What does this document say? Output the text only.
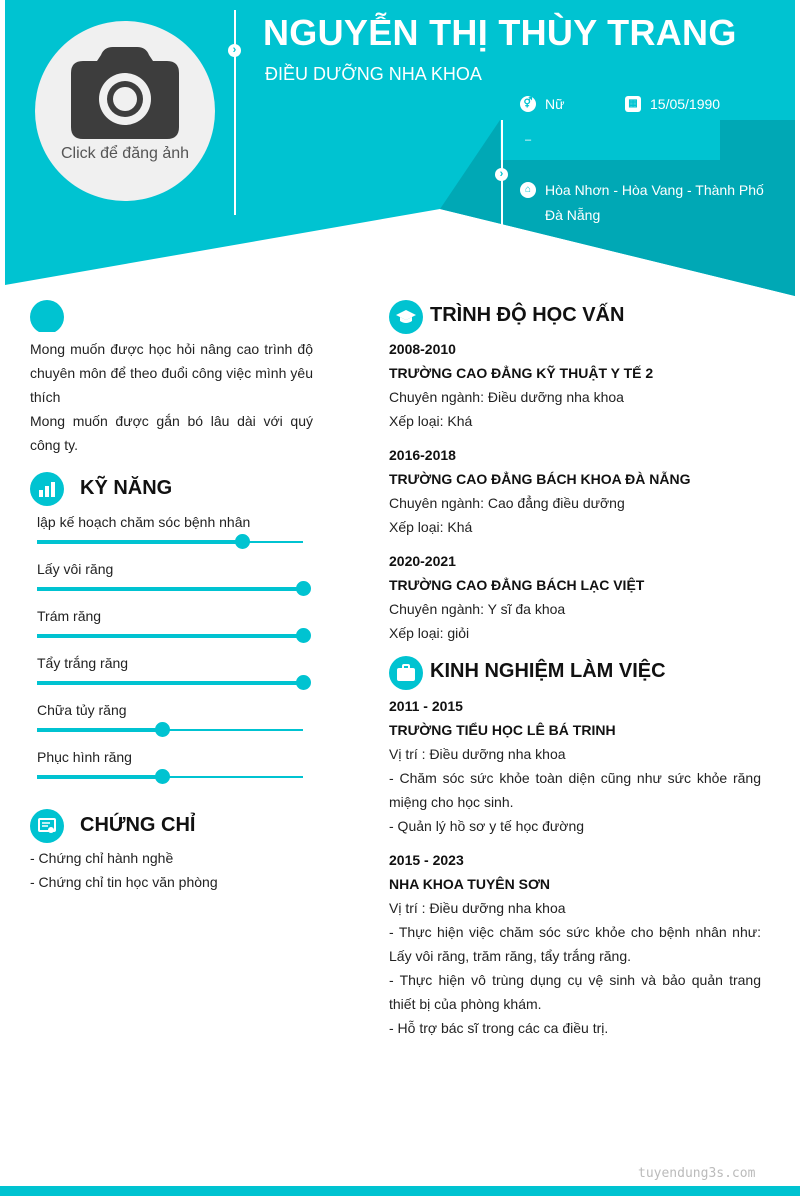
Click để đăng ảnh
›
›
NGUYỄN THỊ THÙY TRANG
ĐIỀU DƯỠNG NHA KHOA
⚥ Nữ	▦ 15/05/1990
–
⌂ Hòa Nhơn - Hòa Vang - Thành Phố Đà Nẵng
Mong muốn được học hỏi nâng cao trình độ chuyên môn để theo đuổi công việc mình yêu thích
Mong muốn được gắn bó lâu dài với quý công ty.
KỸ NĂNG
lập kế hoạch chăm sóc bệnh nhân
Lấy vôi răng
Trám răng
Tẩy trắng răng
Chữa tủy răng
Phục hình răng
CHỨNG CHỈ
- Chứng chỉ hành nghề
- Chứng chỉ tin học văn phòng
TRÌNH ĐỘ HỌC VẤN
2008-2010
TRƯỜNG CAO ĐẲNG KỸ THUẬT Y TẾ 2
Chuyên ngành: Điều dưỡng nha khoa
Xếp loại: Khá
2016-2018
TRƯỜNG CAO ĐẲNG BÁCH KHOA ĐÀ NẴNG
Chuyên ngành: Cao đẳng điều dưỡng
Xếp loại: Khá
2020-2021
TRƯỜNG CAO ĐẲNG BÁCH LẠC VIỆT
Chuyên ngành: Y sĩ đa khoa
Xếp loại: giỏi
KINH NGHIỆM LÀM VIỆC
2011 - 2015
TRƯỜNG TIỂU HỌC LÊ BÁ TRINH
Vị trí : Điều dưỡng nha khoa
- Chăm sóc sức khỏe toàn diện cũng như sức khỏe răng miệng cho học sinh.
- Quản lý hồ sơ y tế học đường
2015 - 2023
NHA KHOA TUYÊN SƠN
Vị trí : Điều dưỡng nha khoa
- Thực hiện việc chăm sóc sức khỏe cho bệnh nhân như: Lấy vôi răng, trăm răng, tẩy trắng răng.
- Thực hiện vô trùng dụng cụ vệ sinh và bảo quản trang thiết bị của phòng khám.
- Hỗ trợ bác sĩ trong các ca điều trị.
tuyendung3s.com
